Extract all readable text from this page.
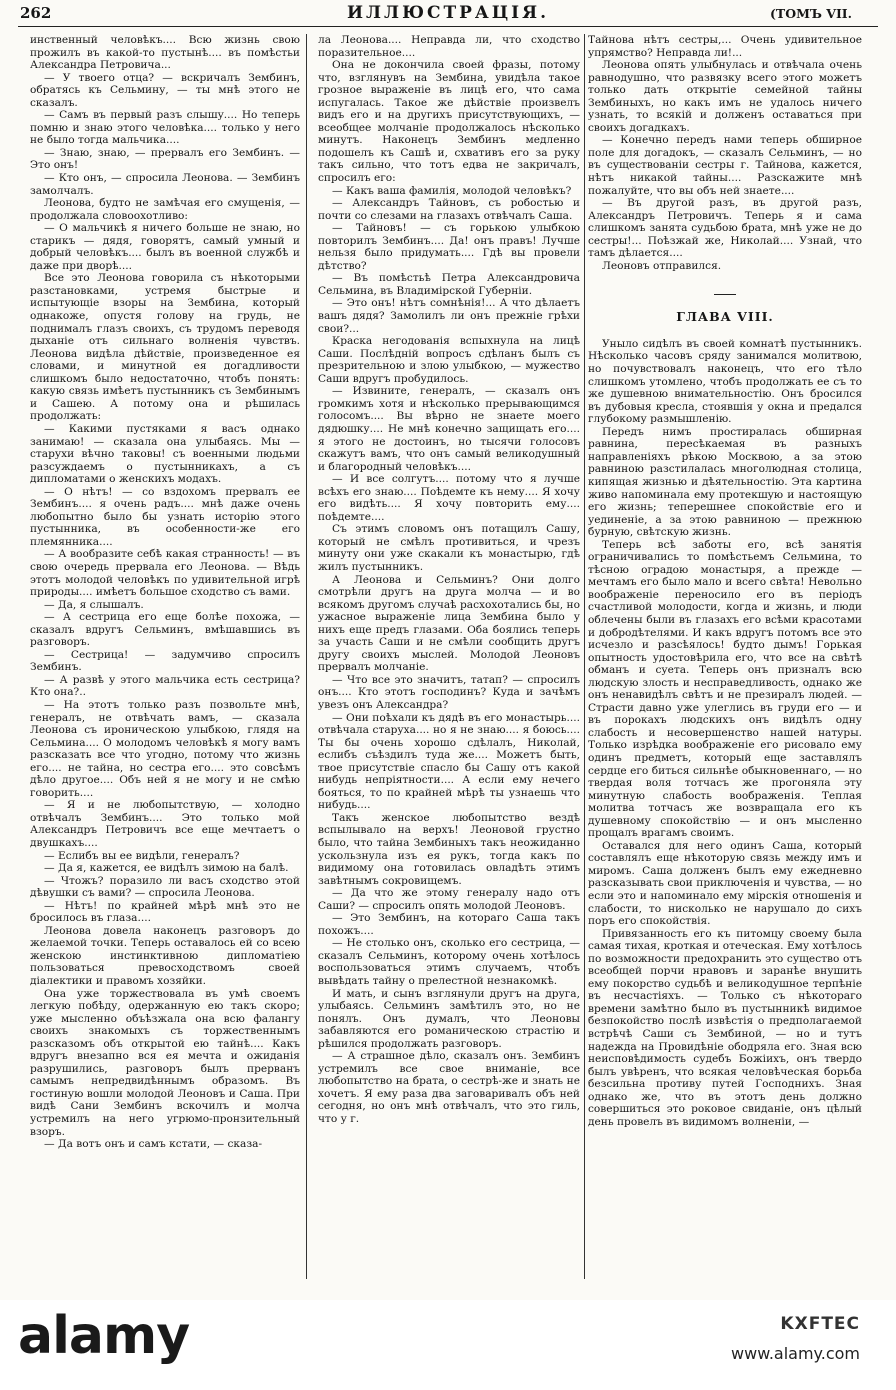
262	ИЛЛЮСТРАЦІЯ.	(ТОМЪ VII.

инственный человѣкъ.... Всю жизнь свою прожилъ въ какой-то пустынѣ.... въ помѣстьи Александра Петровича...

— У твоего отца? — вскричалъ Зембинъ, обратясь къ Сельмину, — ты мнѣ этого не сказалъ.

— Самъ въ первый разъ слышу.... Но теперь помню и знаю этого человѣка.... только у него не было тогда мальчика....

— Знаю, знаю, — прервалъ его Зембинъ. — Это онъ!

— Кто онъ, — спросила Леонова. — Зембинъ замолчалъ.

Леонова, будто не замѣчая его смущенія, — продолжала словоохотливо:

— О мальчикѣ я ничего больше не знаю, но старикъ — дядя, говорятъ, самый умный и добрый человѣкъ.... былъ въ военной службѣ и даже при дворѣ....

Все это Леонова говорила съ нѣкоторыми разстановками, устремя быстрые и испытующіе взоры на Зембина, который однакоже, опустя голову на грудь, не поднималъ глазъ своихъ, съ трудомъ переводя дыханіе отъ сильнаго волненія чувствъ. Леонова видѣла дѣйствіе, произведенное ея словами, и минутной ея догадливости слишкомъ было недостаточно, чтобъ понять: какую связь имѣетъ пустынникъ съ Зембинымъ и Сашею. А потому она и рѣшилась продолжать:

— Какими пустяками я васъ однако занимаю! — сказала она улыбаясь. Мы — старухи вѣчно таковы! съ военными людьми разсуждаемъ о пустынникахъ, а съ дипломатами о женскихъ модахъ.

— О нѣтъ! — со вздохомъ прервалъ ее Зембинъ.... я очень радъ.... мнѣ даже очень любопытно было бы узнать исторію этого пустынника, въ особенности-же его племянника....

— А вообразите себѣ какая странность! — въ свою очередь прервала его Леонова. — Вѣдь этотъ молодой человѣкъ по удивительной игрѣ природы.... имѣетъ большое сходство съ вами.

— Да, я слышалъ.

— А сестрица его еще болѣе похожа, — сказалъ вдругъ Сельминъ, вмѣшавшись въ разговоръ.

— Сестрица! — задумчиво спросилъ Зембинъ.

— А развѣ у этого мальчика есть сестрица? Кто она?..

— На этотъ только разъ позвольте мнѣ, генералъ, не отвѣчать вамъ, — сказала Леонова съ ироническою улыбкою, глядя на Сельмина.... О молодомъ человѣкѣ я могу вамъ разсказать все что угодно, потому что жизнь его.... не тайна, но сестра его.... это совсѣмъ дѣло другое.... Объ ней я не могу и не смѣю говорить....

— Я и не любопытствую, — холодно отвѣчалъ Зембинъ.... Это только мой Александръ Петровичъ все еще мечтаетъ о двушкахъ....

— Еслибъ вы ее видѣли, генералъ?

— Да я, кажется, ее видѣлъ зимою на балѣ.

— Чтожъ? поразило ли васъ сходство этой дѣвушки съ вами? — спросила Леонова.

— Нѣтъ! по крайней мѣрѣ мнѣ это не бросилось въ глаза....

Леонова довела наконецъ разговоръ до желаемой точки. Теперь оставалось ей со всею женскою инстинктивною дипломатіею пользоваться превосходствомъ своей діалектики и правомъ хозяйки.

Она уже торжествовала въ умѣ своемъ легкую побѣду, одержанную ею такъ скоро; уже мысленно объѣзжала она всю фалангу своихъ знакомыхъ съ торжественнымъ разсказомъ объ открытой ею тайнѣ.... Какъ вдругъ внезапно вся ея мечта и ожиданія разрушились, разговоръ былъ прерванъ самымъ непредвидѣннымъ образомъ. Въ гостиную вошли молодой Леоновъ и Саша. При видѣ Сани Зембинъ вскочилъ и молча устремилъ на него угрюмо-пронзительный взоръ.

— Да вотъ онъ и самъ кстати, — сказа-

ла Леонова.... Неправда ли, что сходство поразительное....

Она не докончила своей фразы, потому что, взглянувъ на Зембина, увидѣла такое грозное выраженіе въ лицѣ его, что сама испугалась. Такое же дѣйствіе произвелъ видъ его и на другихъ присутствующихъ, — всеобщее молчаніе продолжалось нѣсколько минутъ. Наконецъ Зембинъ медленно подошелъ къ Сашѣ и, схвативъ его за руку такъ сильно, что тотъ едва не закричалъ, спросилъ его:

— Какъ ваша фамилія, молодой человѣкъ?

— Александръ Тайновъ, съ робостью и почти со слезами на глазахъ отвѣчалъ Саша.

— Тайновъ! — съ горькою улыбкою повторилъ Зембинъ.... Да! онъ правъ! Лучше нельзя было придумать.... Гдѣ вы провели дѣтство?

— Въ помѣстьѣ Петра Александровича Сельмина, въ Владимірской Губерніи.

— Это онъ! нѣтъ сомнѣнія!... А что дѣлаетъ вашъ дядя? Замолилъ ли онъ прежніе грѣхи свои?...

Краска негодованія вспыхнула на лицѣ Саши. Послѣдній вопросъ сдѣланъ былъ съ презрительною и злою улыбкою, — мужество Саши вдругъ пробудилось.

— Извините, генералъ, — сказалъ онъ громкимъ хотя и нѣсколько прерывающимся голосомъ.... Вы вѣрно не знаете моего дядюшку.... Не мнѣ конечно защищать его.... я этого не достоинъ, но тысячи голосовъ скажутъ вамъ, что онъ самый великодушный и благородный человѣкъ....

— И все солгутъ.... потому что я лучше всѣхъ его знаю.... Поѣдемте къ нему.... Я хочу его видѣть.... Я хочу повторить ему.... поѣдемте....

Съ этимъ словомъ онъ потащилъ Сашу, который не смѣлъ противиться, и чрезъ минуту они уже скакали къ монастырю, гдѣ жилъ пустынникъ.

А Леонова и Сельминъ? Они долго смотрѣли другъ на друга молча — и во всякомъ другомъ случаѣ расхохотались бы, но ужасное выраженіе лица Зембина было у нихъ еще предъ глазами. Оба боялись теперь за участь Саши и не смѣли сообщить другъ другу своихъ мыслей. Молодой Леоновъ прервалъ молчаніе.

— Что все это значитъ, татап? — спросилъ онъ.... Кто этотъ господинъ? Куда и зачѣмъ увезъ онъ Александра?

— Они поѣхали къ дядѣ въ его монастырь.... отвѣчала старуха.... но я не знаю.... я боюсь.... Ты бы очень хорошо сдѣлалъ, Николай, еслибъ съѣздилъ туда же.... Можетъ быть, твое присутствіе спасло бы Сашу отъ какой нибудь непріятности.... А если ему нечего бояться, то по крайней мѣрѣ ты узнаешь что нибудь....

Такъ женское любопытство вездѣ вспылывало на верхъ! Леоновой грустно было, что тайна Зембиныхъ такъ неожиданно ускользнула изъ ея рукъ, тогда какъ по видимому она готовилась овладѣть этимъ завѣтнымъ сокровищемъ.

— Да что же этому генералу надо отъ Саши? — спросилъ опять молодой Леоновъ.

— Это Зембинъ, на котораго Саша такъ похожъ....

— Не столько онъ, сколько его сестрица, — сказалъ Сельминъ, которому очень хотѣлось воспользоваться этимъ случаемъ, чтобъ вывѣдать тайну о прелестной незнакомкѣ.

И мать, и сынъ взглянули другъ на друга, улыбаясь. Сельминъ замѣтилъ это, но не понялъ. Онъ думалъ, что Леоновы забавляются его романическою страстію и рѣшился продолжать разговоръ.

— А страшное дѣло, сказалъ онъ. Зембинъ устремилъ все свое вниманіе, все любопытство на брата, о сестрѣ-же и знать не хочетъ. Я ему раза два заговаривалъ объ ней сегодня, но онъ мнѣ отвѣчалъ, что это гиль, что у г.

Тайнова нѣтъ сестры,... Очень удивительное упрямство? Неправда ли!...

Леонова опять улыбнулась и отвѣчала очень равнодушно, что развязку всего этого можетъ только дать открытіе семейной тайны Зембиныхъ, но какъ имъ не удалось ничего узнать, то всякій и долженъ оставаться при своихъ догадкахъ.

— Конечно передъ нами теперь обширное поле для догадокъ, — сказалъ Сельминъ, — но въ существованіи сестры г. Тайнова, кажется, нѣтъ никакой тайны.... Разскажите мнѣ пожалуйте, что вы объ ней знаете....

— Въ другой разъ, въ другой разъ, Александръ Петровичъ. Теперь я и сама слишкомъ занята судьбою брата, мнѣ уже не до сестры!... Поѣзжай же, Николай.... Узнай, что тамъ дѣлается....

Леоновъ отправился.

ГЛАВА VIII.

Уныло сидѣлъ въ своей комнатѣ пустынникъ. Нѣсколько часовъ сряду занимался молитвою, но почувствовалъ наконецъ, что его тѣло слишкомъ утомлено, чтобъ продолжать ее съ то же душевною внимательностію. Онъ бросился въ дубовыя кресла, стоявшія у окна и предался глубокому размышленію.

Передъ нимъ простиралась обширная равнина, пересѣкаемая въ разныхъ направленіяхъ рѣкою Москвою, а за этою равниною разстилалась многолюдная столица, кипящая жизнью и дѣятельностію. Эта картина живо напоминала ему протекшую и настоящую его жизнь; теперешнее спокойствіе его и уединеніе, а за этою равниною — прежнюю бурную, свѣтскую жизнь.

Теперь всѣ заботы его, всѣ занятія ограничивались то помѣстьемъ Сельмина, то тѣсною оградою монастыря, а прежде — мечтамъ его было мало и всего свѣта! Невольно воображеніе переносило его въ періодъ счастливой молодости, когда и жизнь, и люди облечены были въ глазахъ его всѣми красотами и добродѣтелями. И какъ вдругъ потомъ все это исчезло и разсѣялось! будто дымъ! Горькая опытность удостовѣрила его, что все на свѣтѣ обманъ и суета. Теперь онъ призналъ всю людскую злость и несправедливость, однако же онъ ненавидѣлъ свѣтъ и не презиралъ людей. — Страсти давно уже улеглись въ груди его — и въ порокахъ людскихъ онъ видѣлъ одну слабость и несовершенство нашей натуры. Только изрѣдка воображеніе его рисовало ему одинъ предметъ, который еще заставлялъ сердце его биться сильнѣе обыкновеннаго, — но твердая воля тотчасъ же прогоняла эту минутную слабость воображенія. Теплая молитва тотчасъ же возвращала его къ душевному спокойствію — и онъ мысленно прощалъ врагамъ своимъ.

Оставался для него одинъ Саша, который составлялъ еще нѣкоторую связь между имъ и миромъ. Саша долженъ былъ ему ежедневно разсказывать свои приключенія и чувства, — но если это и напоминало ему мірскія отношенія и слабости, то нисколько не нарушало до сихъ поръ его спокойствія.

Привязанность его къ питомцу своему была самая тихая, кроткая и отеческая. Ему хотѣлось по возможности предохранить это существо отъ всеобщей порчи нравовъ и заранѣе внушить ему покорство судьбѣ и великодушное терпѣніе въ несчастіяхъ. — Только съ нѣкотораго времени замѣтно было въ пустынникѣ видимое безпокойство послѣ извѣстія о предполагаемой встрѣчѣ Саши съ Зембиной, — но и тутъ надежда на Провидѣніе ободряла его. Зная всю неисповѣдимость судебъ Божіихъ, онъ твердо былъ увѣренъ, что всякая человѣческая борьба безсильна противу путей Господнихъ. Зная однако же, что въ этотъ день должно совершиться это роковое свиданіе, онъ цѣлый день провелъ въ видимомъ волненіи, —

alamy	KXFTEC
www.alamy.com
